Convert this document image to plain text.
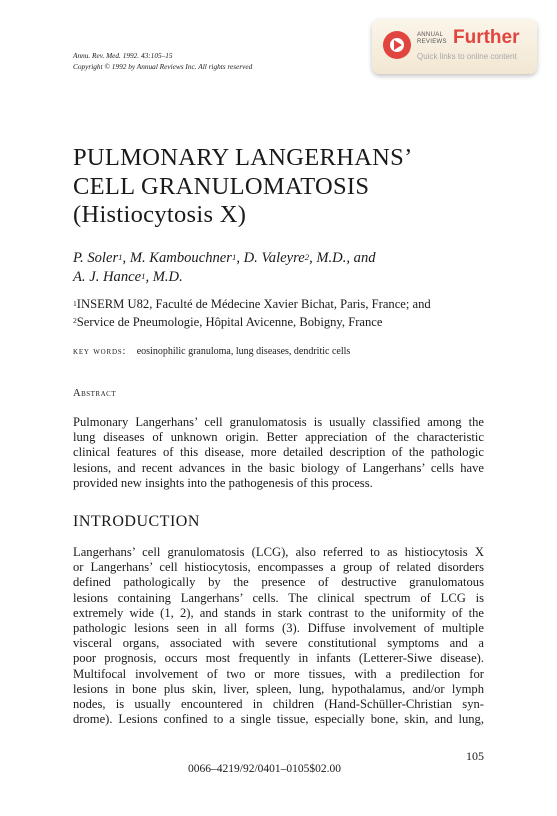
Annu. Rev. Med. 1992. 43:105–15
Copyright © 1992 by Annual Reviews Inc. All rights reserved
ANNUAL
REVIEWS Further
Quick links to online content
PULMONARY LANGERHANS’
CELL GRANULOMATOSIS
(Histiocytosis X)
P. Soler$^1$, M. Kambouchner$^1$, D. Valeyre$^2$, M.D., and
A. J. Hance$^1$, M.D.
$^1$INSERM U82, Faculté de Médecine Xavier Bichat, Paris, France; and
$^2$Service de Pneumologie, Hôpital Avicenne, Bobigny, France
key words: eosinophilic granuloma, lung diseases, dendritic cells
Abstract
Pulmonary Langerhans’ cell granulomatosis is usually classified among the
lung diseases of unknown origin. Better appreciation of the characteristic
clinical features of this disease, more detailed description of the pathologic
lesions, and recent advances in the basic biology of Langerhans’ cells have
provided new insights into the pathogenesis of this process.
INTRODUCTION
Langerhans’ cell granulomatosis (LCG), also referred to as histiocytosis X
or Langerhans’ cell histiocytosis, encompasses a group of related disorders
defined pathologically by the presence of destructive granulomatous
lesions containing Langerhans’ cells. The clinical spectrum of LCG is
extremely wide (1, 2), and stands in stark contrast to the uniformity of the
pathologic lesions seen in all forms (3). Diffuse involvement of multiple
visceral organs, associated with severe constitutional symptoms and a
poor prognosis, occurs most frequently in infants (Letterer-Siwe disease).
Multifocal involvement of two or more tissues, with a predilection for
lesions in bone plus skin, liver, spleen, lung, hypothalamus, and/or lymph
nodes, is usually encountered in children (Hand-Schüller-Christian syn-
drome). Lesions confined to a single tissue, especially bone, skin, and lung,
105
0066–4219/92/0401–0105$02.00
